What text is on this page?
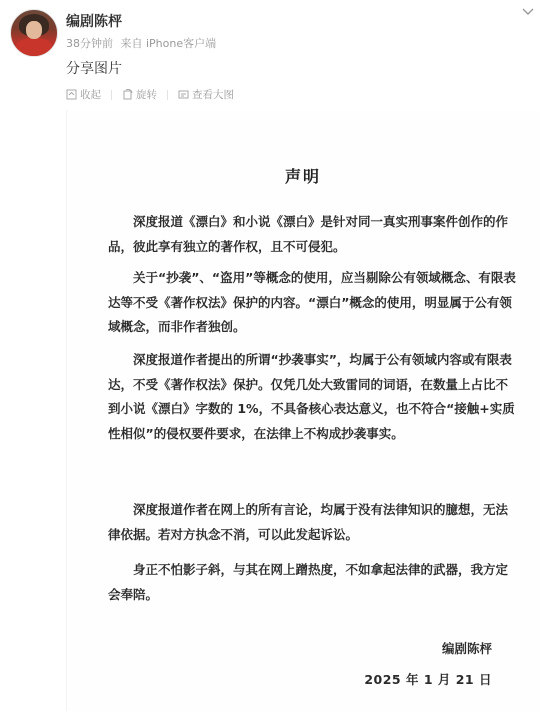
编剧陈枰
38分钟前 来自 iPhone客户端
分享图片
收起	旋转	查看大图
声明
深度报道《漂白》和小说《漂白》是针对同一真实刑事案件创作的作品，彼此享有独立的著作权，且不可侵犯。
关于“抄袭”、“盗用”等概念的使用，应当剔除公有领域概念、有限表达等不受《著作权法》保护的内容。“漂白”概念的使用，明显属于公有领域概念，而非作者独创。
深度报道作者提出的所谓“抄袭事实”，均属于公有领域内容或有限表达，不受《著作权法》保护。仅凭几处大致雷同的词语，在数量上占比不到小说《漂白》字数的 1%，不具备核心表达意义，也不符合“接触+实质性相似”的侵权要件要求，在法律上不构成抄袭事实。
深度报道作者在网上的所有言论，均属于没有法律知识的臆想，无法律依据。若对方执念不消，可以此发起诉讼。
身正不怕影子斜，与其在网上蹭热度，不如拿起法律的武器，我方定会奉陪。
编剧陈枰
2025 年 1 月 21 日
